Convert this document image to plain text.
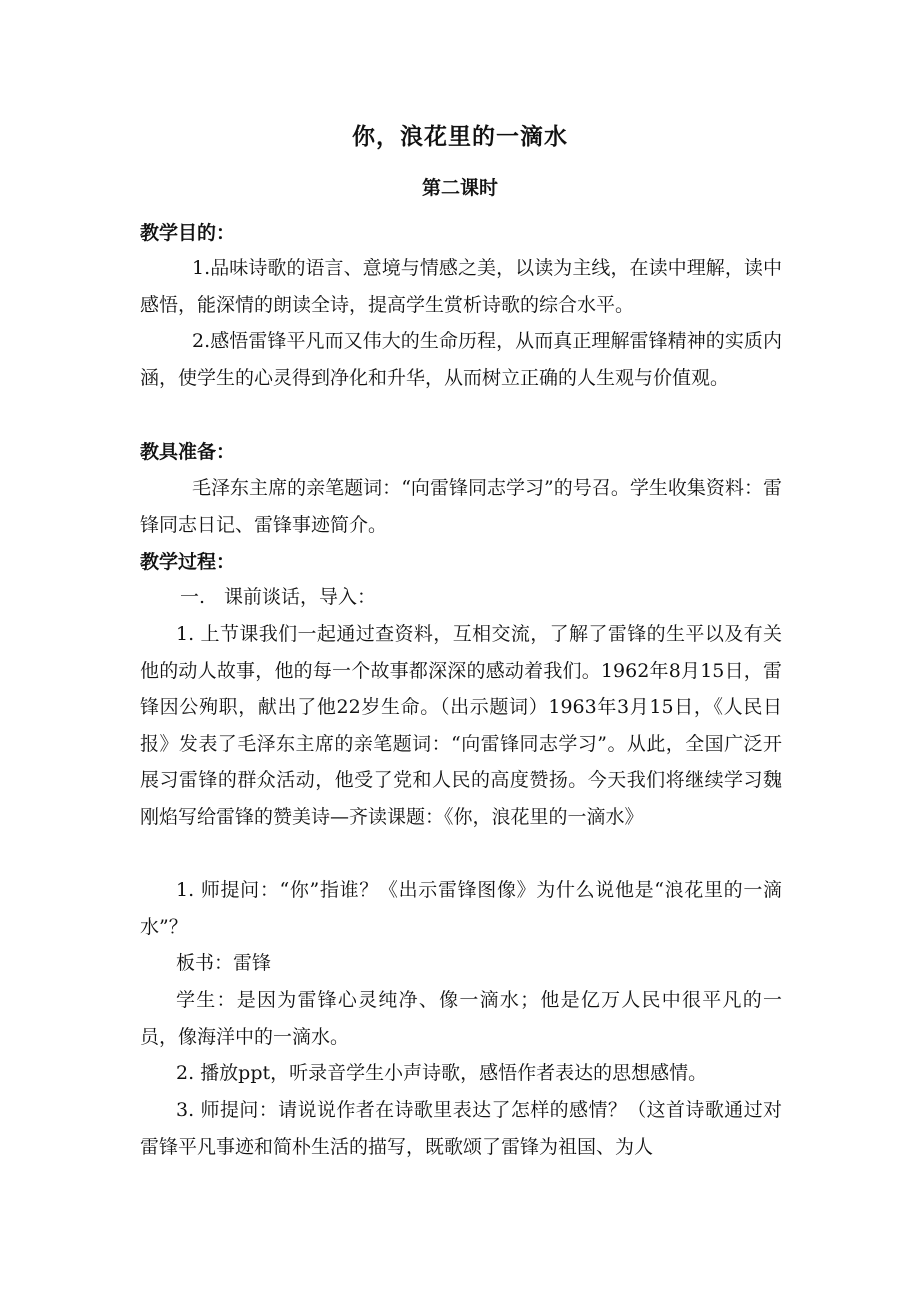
你，浪花里的一滴水
第二课时
教学目的：
1.品味诗歌的语言、意境与情感之美，以读为主线，在读中理解，读中感悟，能深情的朗读全诗，提高学生赏析诗歌的综合水平。
2.感悟雷锋平凡而又伟大的生命历程，从而真正理解雷锋精神的实质内涵，使学生的心灵得到净化和升华，从而树立正确的人生观与价值观。
教具准备：
毛泽东主席的亲笔题词：“向雷锋同志学习”的号召。学生收集资料：雷锋同志日记、雷锋事迹简介。
教学过程：
一.　课前谈话，导入：
1. 上节课我们一起通过查资料，互相交流，了解了雷锋的生平以及有关他的动人故事，他的每一个故事都深深的感动着我们。1962年8月15日，雷锋因公殉职，献出了他22岁生命。（出示题词）1963年3月15日，《人民日报》发表了毛泽东主席的亲笔题词：“向雷锋同志学习”。从此，全国广泛开展习雷锋的群众活动，他受了党和人民的高度赞扬。今天我们将继续学习魏刚焰写给雷锋的赞美诗—齐读课题：《你，浪花里的一滴水》
1. 师提问：“你”指谁？《出示雷锋图像》为什么说他是“浪花里的一滴水”？
板书：雷锋
学生：是因为雷锋心灵纯净、像一滴水；他是亿万人民中很平凡的一员，像海洋中的一滴水。
2. 播放ppt，听录音学生小声诗歌，感悟作者表达的思想感情。
3. 师提问：请说说作者在诗歌里表达了怎样的感情？（这首诗歌通过对雷锋平凡事迹和简朴生活的描写，既歌颂了雷锋为祖国、为人
